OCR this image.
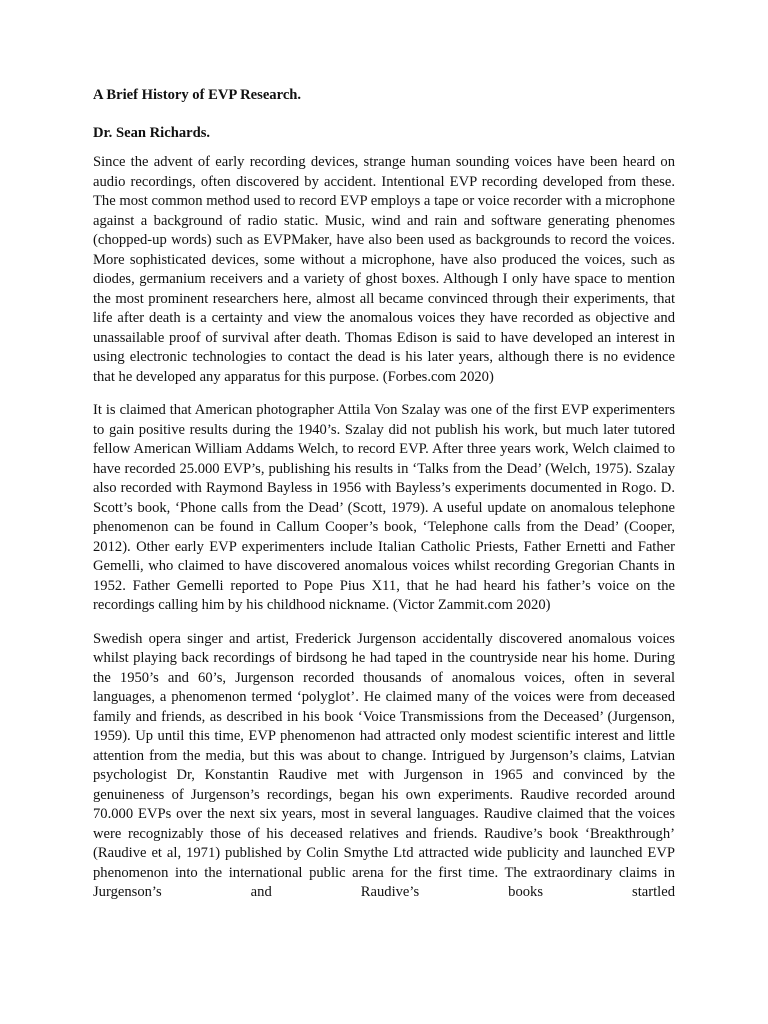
A Brief History of EVP Research.

Dr. Sean Richards.

Since the advent of early recording devices, strange human sounding voices have been heard on audio recordings, often discovered by accident. Intentional EVP recording developed from these. The most common method used to record EVP employs a tape or voice recorder with a microphone against a background of radio static. Music, wind and rain and software generating phenomes (chopped-up words) such as EVPMaker, have also been used as backgrounds to record the voices. More sophisticated devices, some without a microphone, have also produced the voices, such as diodes, germanium receivers and a variety of ghost boxes. Although I only have space to mention the most prominent researchers here, almost all became convinced through their experiments, that life after death is a certainty and view the anomalous voices they have recorded as objective and unassailable proof of survival after death. Thomas Edison is said to have developed an interest in using electronic technologies to contact the dead is his later years, although there is no evidence that he developed any apparatus for this purpose. (Forbes.com 2020)

It is claimed that American photographer Attila Von Szalay was one of the first EVP experimenters to gain positive results during the 1940’s. Szalay did not publish his work, but much later tutored fellow American William Addams Welch, to record EVP. After three years work, Welch claimed to have recorded 25.000 EVP’s, publishing his results in ‘Talks from the Dead’ (Welch, 1975). Szalay also recorded with Raymond Bayless in 1956 with Bayless’s experiments documented in Rogo. D. Scott’s book, ‘Phone calls from the Dead’ (Scott, 1979). A useful update on anomalous telephone phenomenon can be found in Callum Cooper’s book, ‘Telephone calls from the Dead’ (Cooper, 2012). Other early EVP experimenters include Italian Catholic Priests, Father Ernetti and Father Gemelli, who claimed to have discovered anomalous voices whilst recording Gregorian Chants in 1952. Father Gemelli reported to Pope Pius X11, that he had heard his father’s voice on the recordings calling him by his childhood nickname. (Victor Zammit.com 2020)

Swedish opera singer and artist, Frederick Jurgenson accidentally discovered anomalous voices whilst playing back recordings of birdsong he had taped in the countryside near his home. During the 1950’s and 60’s, Jurgenson recorded thousands of anomalous voices, often in several languages, a phenomenon termed ‘polyglot’. He claimed many of the voices were from deceased family and friends, as described in his book ‘Voice Transmissions from the Deceased’ (Jurgenson, 1959). Up until this time, EVP phenomenon had attracted only modest scientific interest and little attention from the media, but this was about to change. Intrigued by Jurgenson’s claims, Latvian psychologist Dr, Konstantin Raudive met with Jurgenson in 1965 and convinced by the genuineness of Jurgenson’s recordings, began his own experiments. Raudive recorded around 70.000 EVPs over the next six years, most in several languages. Raudive claimed that the voices were recognizably those of his deceased relatives and friends. Raudive’s book ‘Breakthrough’ (Raudive et al, 1971) published by Colin Smythe Ltd attracted wide publicity and launched EVP phenomenon into the international public arena for the first time. The extraordinary claims in Jurgenson’s and Raudive’s books startled
